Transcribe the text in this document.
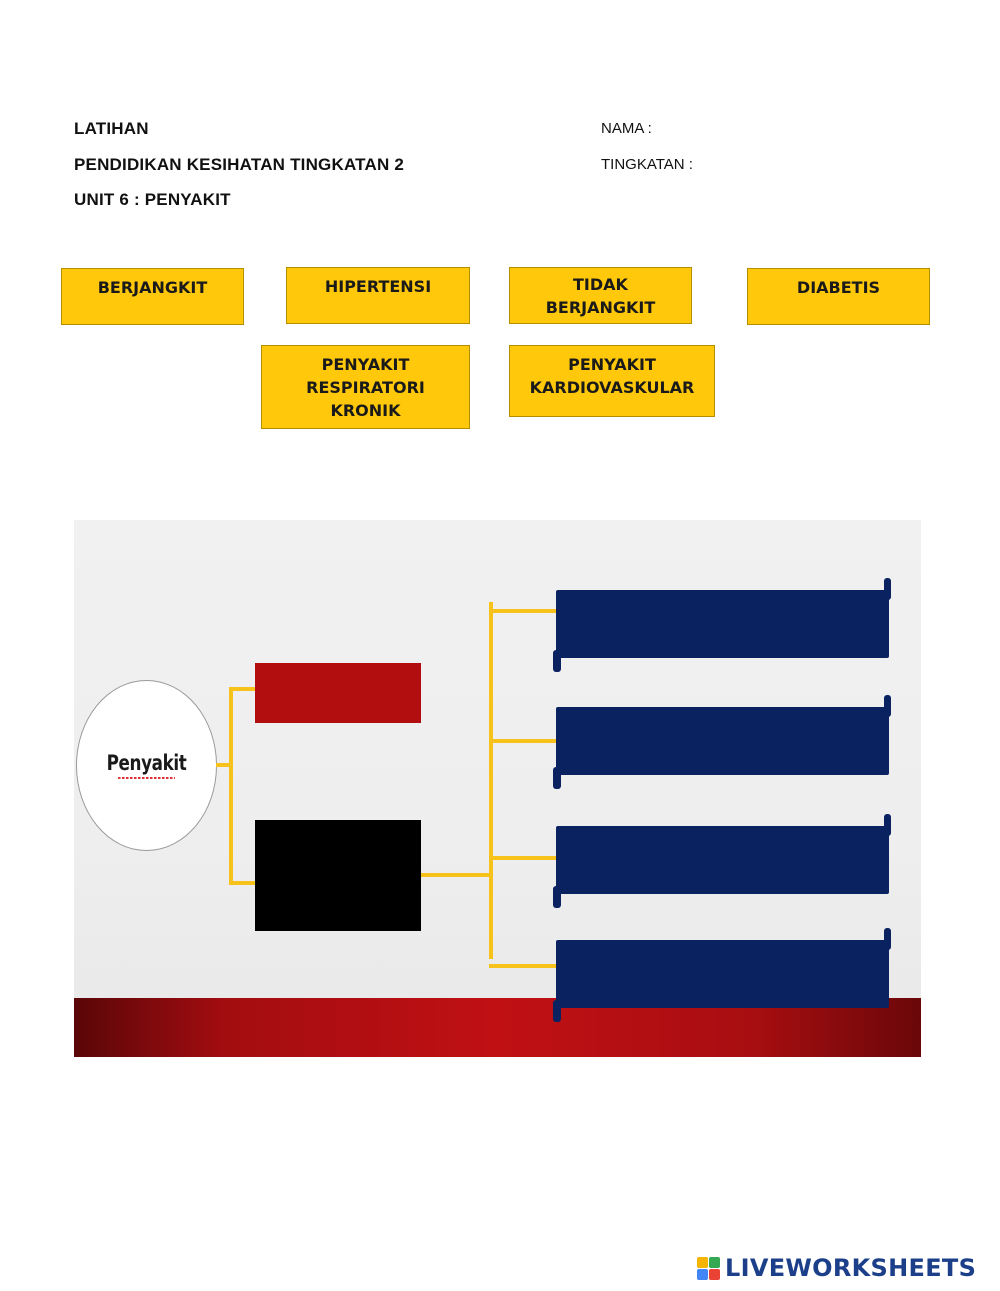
LATIHAN
PENDIDIKAN KESIHATAN TINGKATAN 2
UNIT 6 : PENYAKIT
NAMA :
TINGKATAN :
BERJANGKIT	HIPERTENSI	TIDAK
BERJANGKIT
DIABETIS
PENYAKIT
RESPIRATORI
KRONIK
PENYAKIT
KARDIOVASKULAR
Penyakit
LIVEWORKSHEETS
